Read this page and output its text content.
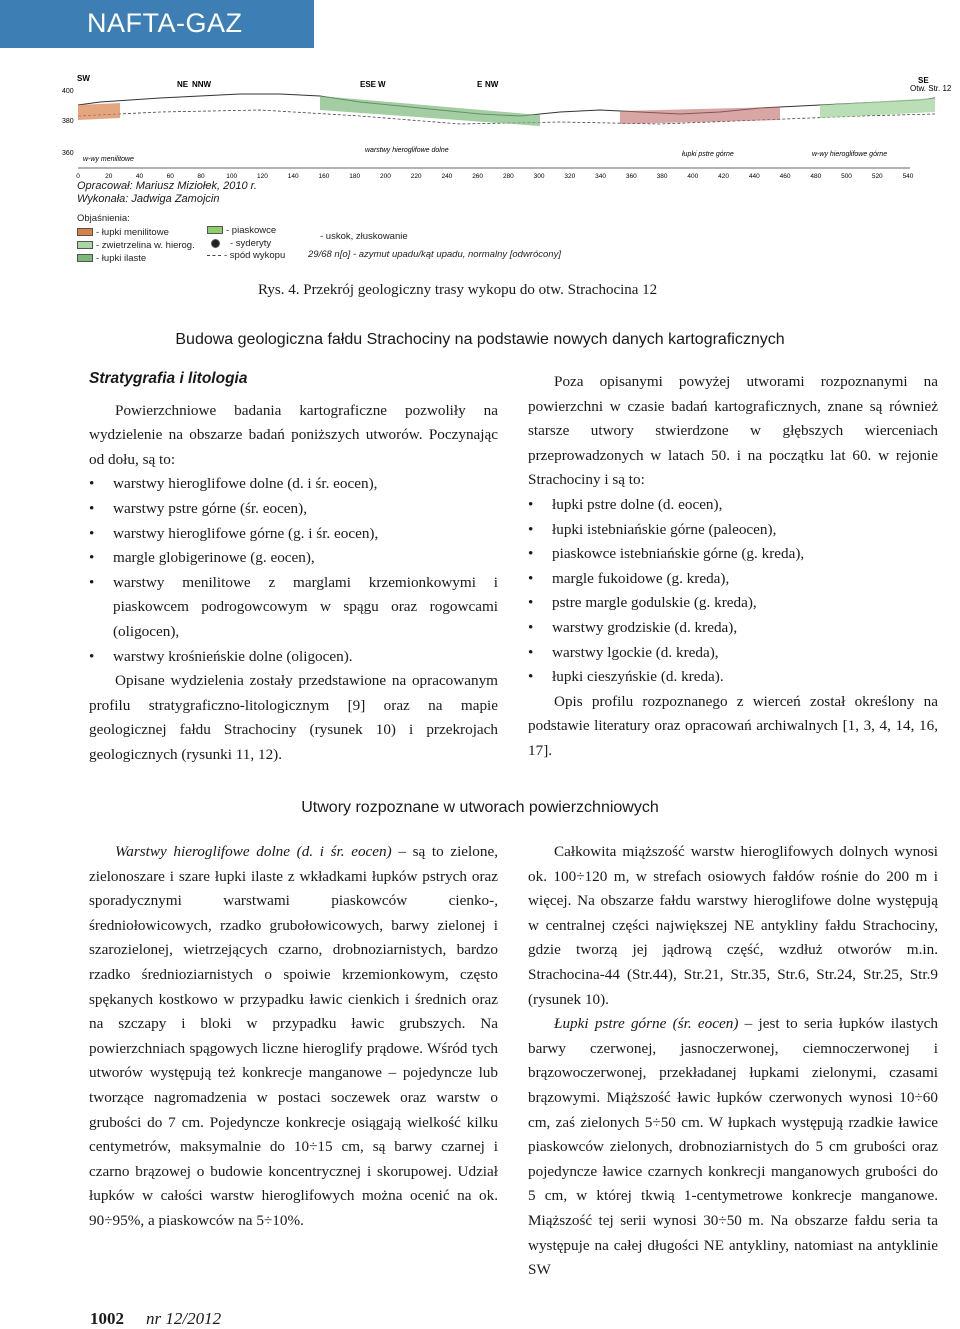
NAFTA-GAZ
SW
NE NNW	ESE W	E NW	SE
Otw. Str. 12
400
380
360	warstwy hieroglifowe dolne
łupki pstre górne	w-wy hieroglifowe górne
w-wy menilitowe
0	20	40	60	80	100	120	140	160	180	200	220	240	260	280	300	320	340	360	380	400	420	440	460	480	500	520	540
Opracował: Mariusz Miziołek, 2010 r.
Wykonała: Jadwiga Zamojcin
Objaśnienia:
- łupki menilitowe
- zwietrzelina w. hierog.
- łupki ilaste
- piaskowce
- syderyty
- spód wykopu
- uskok, złuskowanie
29/68 n[o] - azymut upadu/kąt upadu, normalny [odwrócony]
Rys. 4. Przekrój geologiczny trasy wykopu do otw. Strachocina 12
Budowa geologiczna fałdu Strachociny na podstawie nowych danych kartograficznych

Stratygrafia i litologia

Powierzchniowe badania kartograficzne pozwoliły na wydzielenie na obszarze badań poniższych utworów. Poczynając od dołu, są to:

• warstwy hieroglifowe dolne (d. i śr. eocen),
• warstwy pstre górne (śr. eocen),
• warstwy hieroglifowe górne (g. i śr. eocen),
• margle globigerinowe (g. eocen),
• warstwy menilitowe z marglami krzemionkowymi i piaskowcem podrogowcowym w spągu oraz rogowcami (oligocen),
• warstwy krośnieńskie dolne (oligocen).

Opisane wydzielenia zostały przedstawione na opracowanym profilu stratygraficzno-litologicznym [9] oraz na mapie geologicznej fałdu Strachociny (rysunek 10) i przekrojach geologicznych (rysunki 11, 12).

Poza opisanymi powyżej utworami rozpoznanymi na powierzchni w czasie badań kartograficznych, znane są również starsze utwory stwierdzone w głębszych wierceniach przeprowadzonych w latach 50. i na początku lat 60. w rejonie Strachociny i są to:

• łupki pstre dolne (d. eocen),
• łupki istebniańskie górne (paleocen),
• piaskowce istebniańskie górne (g. kreda),
• margle fukoidowe (g. kreda),
• pstre margle godulskie (g. kreda),
• warstwy grodziskie (d. kreda),
• warstwy lgockie (d. kreda),
• łupki cieszyńskie (d. kreda).

Opis profilu rozpoznanego z wierceń został określony na podstawie literatury oraz opracowań archiwalnych [1, 3, 4, 14, 16, 17].

Utwory rozpoznane w utworach powierzchniowych

Warstwy hieroglifowe dolne (d. i śr. eocen) – są to zielone, zielonoszare i szare łupki ilaste z wkładkami łupków pstrych oraz sporadycznymi warstwami piaskowców cienko-, średniołowicowych, rzadko grubołowicowych, barwy zielonej i szarozielonej, wietrzejących czarno, drobnoziarnistych, bardzo rzadko średnioziarnistych o spoiwie krzemionkowym, często spękanych kostkowo w przypadku ławic cienkich i średnich oraz na szczapy i bloki w przypadku ławic grubszych. Na powierzchniach spągowych liczne hieroglify prądowe. Wśród tych utworów występują też konkrecje manganowe – pojedyncze lub tworzące nagromadzenia w postaci soczewek oraz warstw o grubości do 7 cm. Pojedyncze konkrecje osiągają wielkość kilku centymetrów, maksymalnie do 10÷15 cm, są barwy czarnej i czarno brązowej o budowie koncentrycznej i skorupowej. Udział łupków w całości warstw hieroglifowych można ocenić na ok. 90÷95%, a piaskowców na 5÷10%.

Całkowita miąższość warstw hieroglifowych dolnych wynosi ok. 100÷120 m, w strefach osiowych fałdów rośnie do 200 m i więcej. Na obszarze fałdu warstwy hieroglifowe dolne występują w centralnej części największej NE antykliny fałdu Strachociny, gdzie tworzą jej jądrową część, wzdłuż otworów m.in. Strachocina-44 (Str.44), Str.21, Str.35, Str.6, Str.24, Str.25, Str.9 (rysunek 10).

Łupki pstre górne (śr. eocen) – jest to seria łupków ilastych barwy czerwonej, jasnoczerwonej, ciemnoczerwonej i brązowoczerwonej, przekładanej łupkami zielonymi, czasami brązowymi. Miąższość ławic łupków czerwonych wynosi 10÷60 cm, zaś zielonych 5÷50 cm. W łupkach występują rzadkie ławice piaskowców zielonych, drobnoziarnistych do 5 cm grubości oraz pojedyncze ławice czarnych konkrecji manganowych grubości do 5 cm, w której tkwią 1-centymetrowe konkrecje manganowe. Miąższość tej serii wynosi 30÷50 m. Na obszarze fałdu seria ta występuje na całej długości NE antykliny, natomiast na antyklinie SW

1002 nr 12/2012
